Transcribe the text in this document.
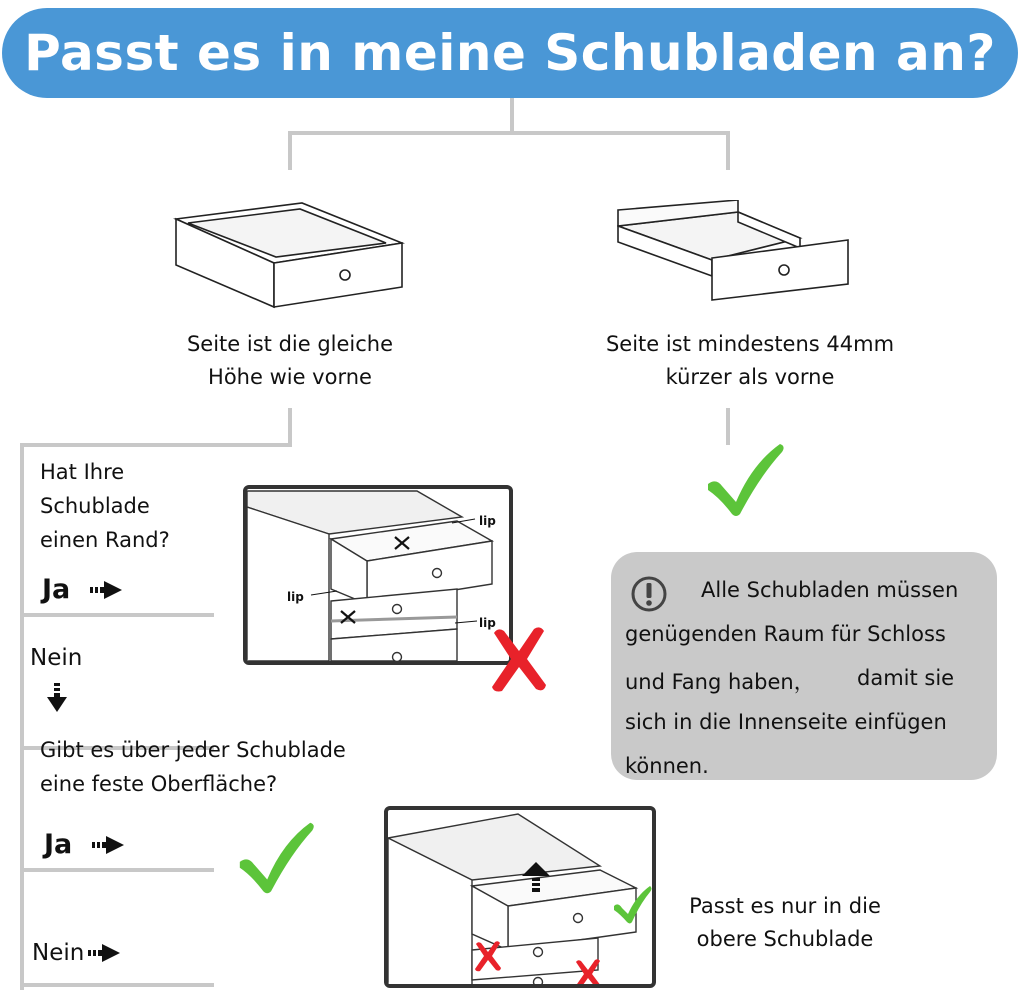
Passt es in meine Schubladen an?
Seite ist die gleiche
Höhe wie vorne
Seite ist mindestens 44mm
kürzer als vorne
Hat Ihre
Schublade
einen Rand?
Ja
Nein
lip
lip
lip
Alle Schubladen müssen
genügenden Raum für Schloss
und Fang haben， damit sie
sich in die Innenseite einfügen
können.
Gibt es über jeder Schublade
eine feste Oberfläche?
Ja
Nein
Passt es nur in die
obere Schublade
